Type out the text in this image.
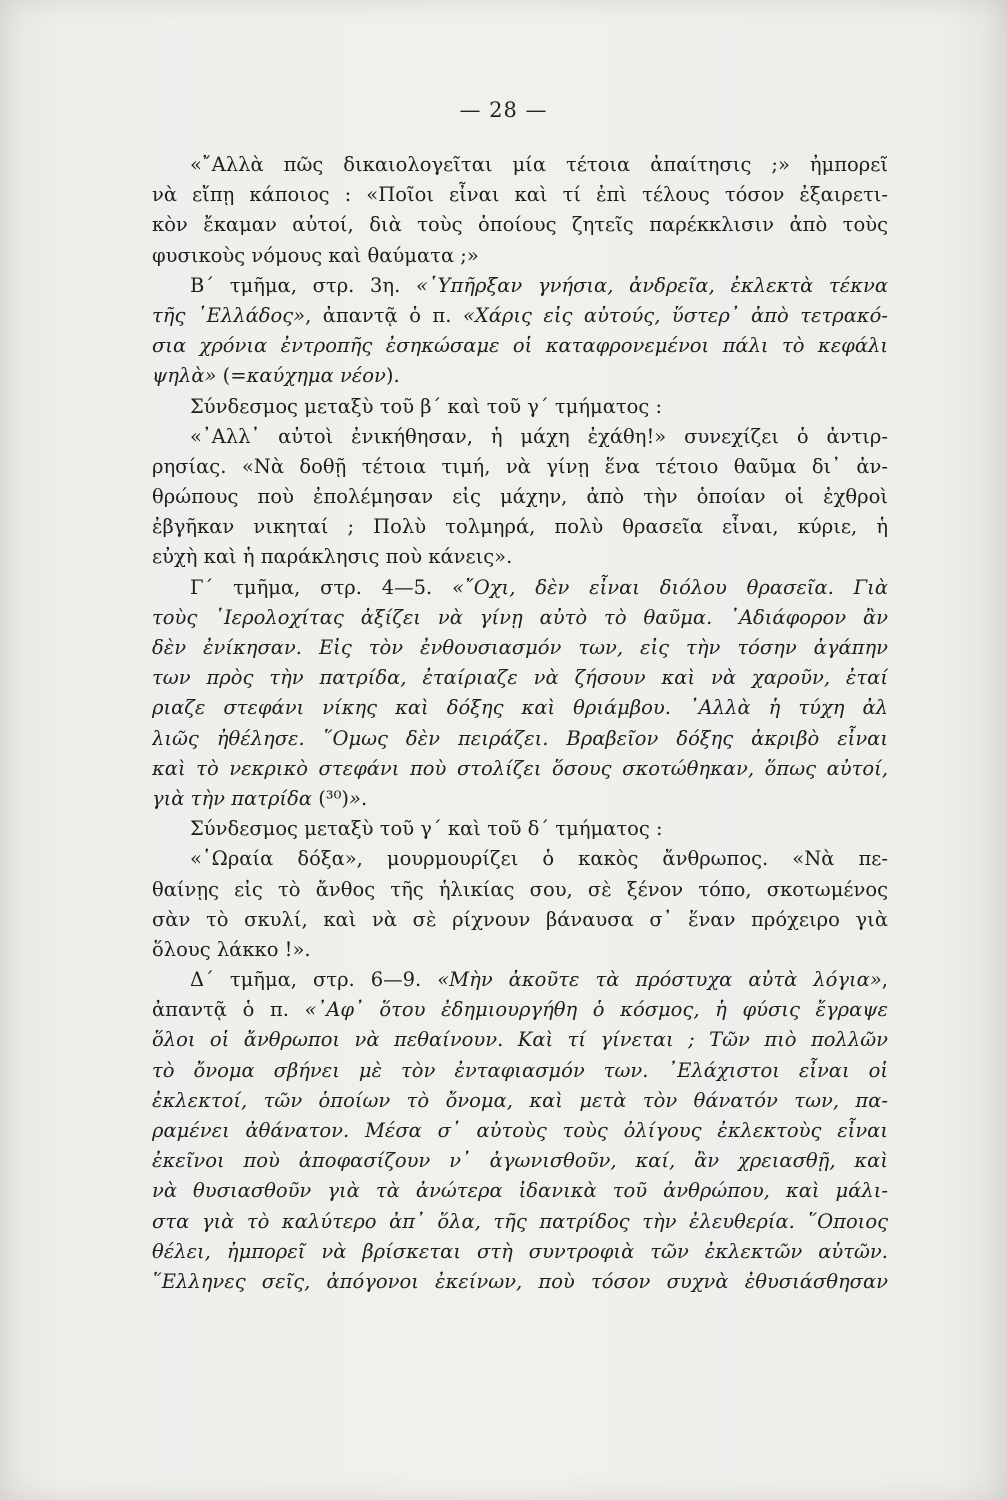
— 28 —
«῎Αλλὰ πῶς δικαιολογεῖται μία τέτοια ἀπαίτησις ;» ἠμπορεῖ
νὰ εἴπῃ κάποιος : «Ποῖοι εἶναι καὶ τί ἐπὶ τέλους τόσον ἐξαιρετι-
κὸν ἔκαμαν αὐτοί, διὰ τοὺς ὁποίους ζητεῖς παρέκκλισιν ἀπὸ τοὺς
φυσικοὺς νόμους καὶ θαύματα ;»
Β΄ τμῆμα, στρ. 3η. «῾Υπῆρξαν γνήσια, ἀνδρεῖα, ἐκλεκτὰ τέκνα
τῆς ῾Ελλάδος», ἀπαντᾷ ὁ π. «Χάρις εἰς αὐτούς, ὕστερ᾽ ἀπὸ τετρακό-
σια χρόνια ἐντροπῆς ἐσηκώσαμε οἱ καταφρονεμένοι πάλι τὸ κεφάλι
ψηλὰ» (=καύχημα νέον).
Σύνδεσμος μεταξὺ τοῦ β΄ καὶ τοῦ γ΄ τμήματος :
«᾽Αλλ᾽ αὐτοὶ ἐνικήθησαν, ἡ μάχη ἐχάθη!» συνεχίζει ὁ ἀντιρ-
ρησίας. «Νὰ δοθῇ τέτοια τιμή, νὰ γίνῃ ἕνα τέτοιο θαῦμα δι᾽ ἀν-
θρώπους ποὺ ἐπολέμησαν εἰς μάχην, ἀπὸ τὴν ὁποίαν οἱ ἐχθροὶ
ἐβγῆκαν νικηταί ; Πολὺ τολμηρά, πολὺ θρασεῖα εἶναι, κύριε, ἡ
εὐχὴ καὶ ἡ παράκλησις ποὺ κάνεις».
Γ΄ τμῆμα, στρ. 4—5. «῎Οχι, δὲν εἶναι διόλου θρασεῖα. Γιὰ
τοὺς ῾Ιερολοχίτας ἀξίζει νὰ γίνῃ αὐτὸ τὸ θαῦμα. ᾽Αδιάφορον ἂν
δὲν ἐνίκησαν. Εἰς τὸν ἐνθουσιασμόν των, εἰς τὴν τόσην ἀγάπην
των πρὸς τὴν πατρίδα, ἐταίριαζε νὰ ζήσουν καὶ νὰ χαροῦν, ἐταί
ριαζε στεφάνι νίκης καὶ δόξης καὶ θριάμβου. ᾽Αλλὰ ἡ τύχη ἀλ
λιῶς ἠθέλησε. ῞Ομως δὲν πειράζει. Βραβεῖον δόξης ἀκριβὸ εἶναι
καὶ τὸ νεκρικὸ στεφάνι ποὺ στολίζει ὅσους σκοτώθηκαν, ὅπως αὐτοί,
γιὰ τὴν πατρίδα (³⁰)».
Σύνδεσμος μεταξὺ τοῦ γ΄ καὶ τοῦ δ΄ τμήματος :
«῾Ωραία δόξα», μουρμουρίζει ὁ κακὸς ἄνθρωπος. «Νὰ πε-
θαίνῃς εἰς τὸ ἄνθος τῆς ἡλικίας σου, σὲ ξένον τόπο, σκοτωμένος
σὰν τὸ σκυλί, καὶ νὰ σὲ ρίχνουν βάναυσα σ᾽ ἕναν πρόχειρο γιὰ
ὅλους λάκκο !».
Δ΄ τμῆμα, στρ. 6—9. «Μὴν ἀκοῦτε τὰ πρόστυχα αὐτὰ λόγια»,
ἀπαντᾷ ὁ π. «᾽Αφ᾽ ὅτου ἐδημιουργήθη ὁ κόσμος, ἡ φύσις ἔγραψε
ὅλοι οἱ ἄνθρωποι νὰ πεθαίνουν. Καὶ τί γίνεται ; Τῶν πιὸ πολλῶν
τὸ ὄνομα σβήνει μὲ τὸν ἐνταφιασμόν των. ᾽Ελάχιστοι εἶναι οἱ
ἐκλεκτοί, τῶν ὁποίων τὸ ὄνομα, καὶ μετὰ τὸν θάνατόν των, πα-
ραμένει ἀθάνατον. Μέσα σ᾽ αὐτοὺς τοὺς ὀλίγους ἐκλεκτοὺς εἶναι
ἐκεῖνοι ποὺ ἀποφασίζουν ν᾽ ἀγωνισθοῦν, καί, ἂν χρειασθῇ, καὶ
νὰ θυσιασθοῦν γιὰ τὰ ἀνώτερα ἰδανικὰ τοῦ ἀνθρώπου, καὶ μάλι-
στα γιὰ τὸ καλύτερο ἀπ᾽ ὅλα, τῆς πατρίδος τὴν ἐλευθερία. ῞Οποιος
θέλει, ἠμπορεῖ νὰ βρίσκεται στὴ συντροφιὰ τῶν ἐκλεκτῶν αὐτῶν.
῞Ελληνες σεῖς, ἀπόγονοι ἐκείνων, ποὺ τόσον συχνὰ ἐθυσιάσθησαν
